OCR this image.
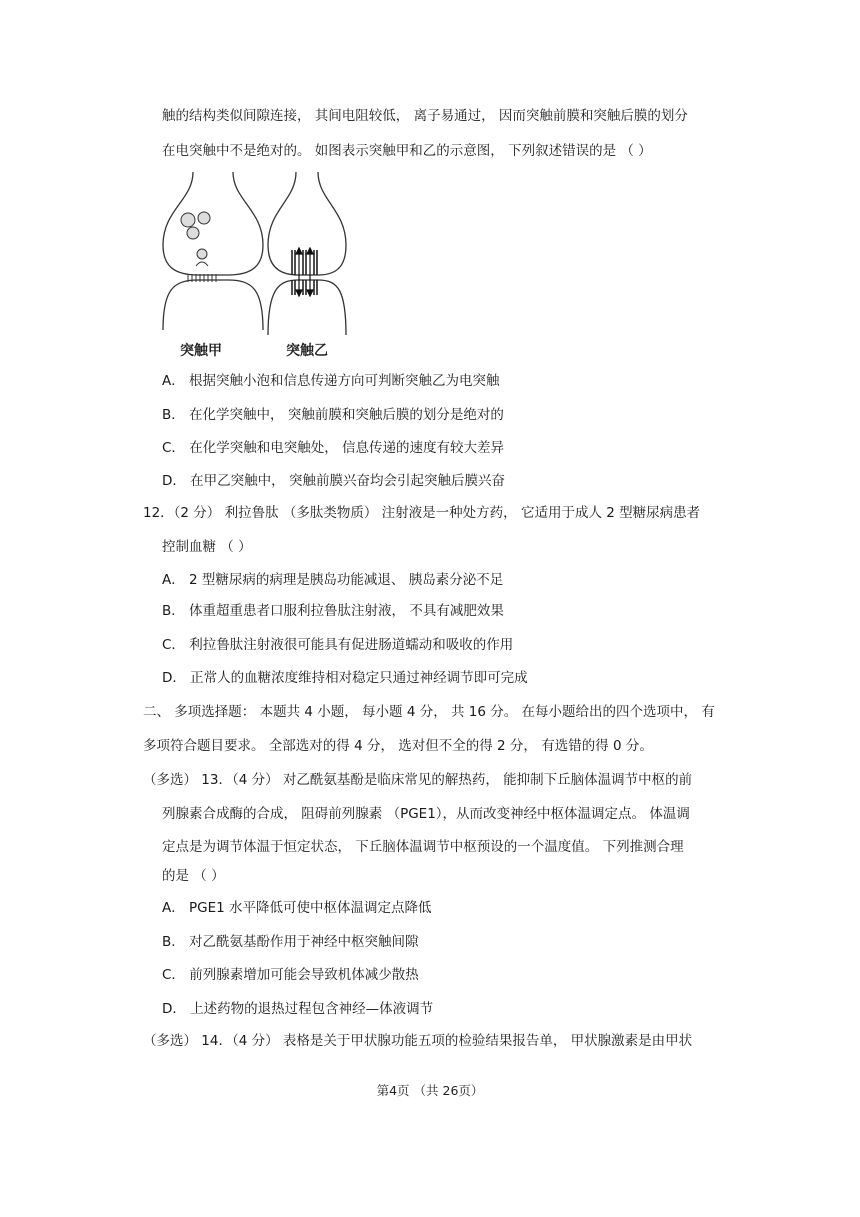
触的结构类似间隙连接， 其间电阻较低， 离子易通过， 因而突触前膜和突触后膜的划分
在电突触中不是绝对的。 如图表示突触甲和乙的示意图， 下列叙述错误的是 （ ）
突触甲	突触乙
A． 根据突触小泡和信息传递方向可判断突触乙为电突触
B． 在化学突触中， 突触前膜和突触后膜的划分是绝对的
C． 在化学突触和电突触处， 信息传递的速度有较大差异
D． 在甲乙突触中， 突触前膜兴奋均会引起突触后膜兴奋
12．（2 分） 利拉鲁肽 （多肽类物质） 注射液是一种处方药， 它适用于成人 2 型糖尿病患者
控制血糖 （ ）
A． 2 型糖尿病的病理是胰岛功能减退、 胰岛素分泌不足
B． 体重超重患者口服利拉鲁肽注射液， 不具有减肥效果
C． 利拉鲁肽注射液很可能具有促进肠道蠕动和吸收的作用
D． 正常人的血糖浓度维持相对稳定只通过神经调节即可完成
二、 多项选择题： 本题共 4 小题， 每小题 4 分， 共 16 分。 在每小题给出的四个选项中， 有
多项符合题目要求。 全部选对的得 4 分， 选对但不全的得 2 分， 有选错的得 0 分。
（多选） 13．（4 分） 对乙酰氨基酚是临床常见的解热药， 能抑制下丘脑体温调节中枢的前
列腺素合成酶的合成， 阻碍前列腺素 （PGE1），从而改变神经中枢体温调定点。 体温调
定点是为调节体温于恒定状态， 下丘脑体温调节中枢预设的一个温度值。 下列推测合理
的是 （ ）
A． PGE1 水平降低可使中枢体温调定点降低
B． 对乙酰氨基酚作用于神经中枢突触间隙
C． 前列腺素增加可能会导致机体减少散热
D． 上述药物的退热过程包含神经—体液调节
（多选） 14．（4 分） 表格是关于甲状腺功能五项的检验结果报告单， 甲状腺激素是由甲状
第4页 （共 26页）
